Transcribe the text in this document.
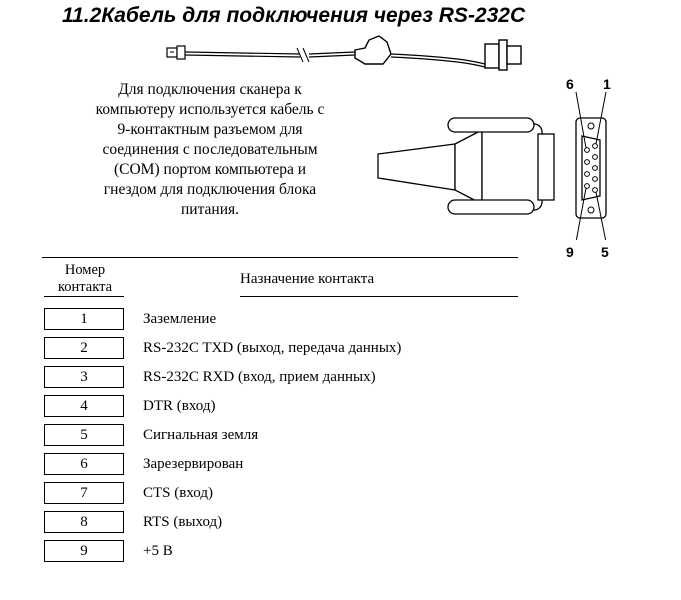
11.2Кабель для подключения через RS-232C
Для подключения сканера к
компьютеру используется кабель с
9-контактным разъемом для
соединения с последовательным
(COM) портом компьютера и
гнездом для подключения блока
питания.
6 1
9 5
Номер
контакта	Назначение контакта
1	Заземление
2	RS-232C TXD (выход, передача данных)
3	RS-232C RXD (вход, прием данных)
4	DTR (вход)
5	Сигнальная земля
6	Зарезервирован
7	CTS (вход)
8	RTS (выход)
9	+5 В
